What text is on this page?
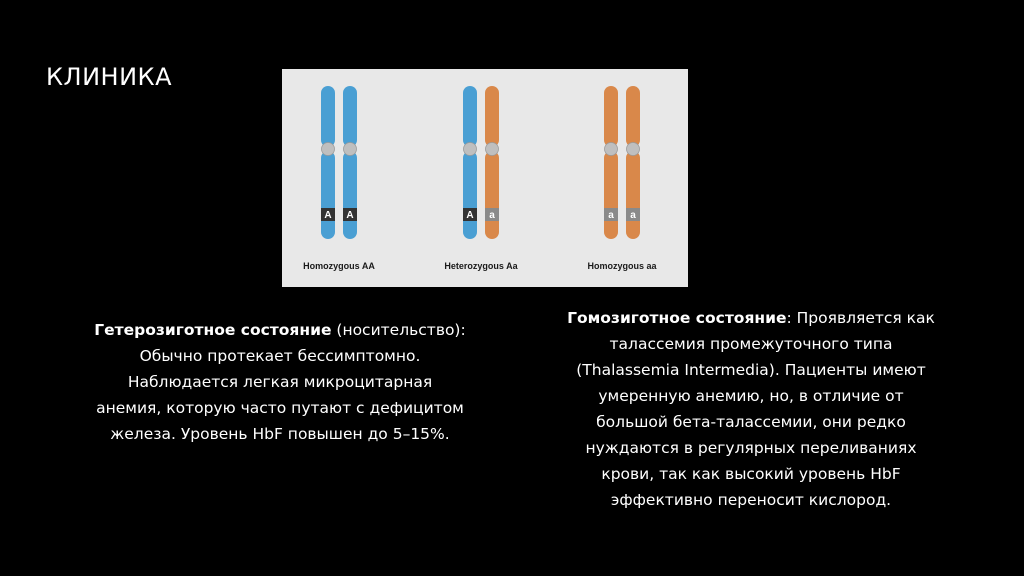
КЛИНИКА
A A
Homozygous AA
A a
Heterozygous Aa
a a
Homozygous aa
Гетерозиготное состояние (носительство):
Обычно протекает бессимптомно.
Наблюдается легкая микроцитарная
анемия, которую часто путают с дефицитом
железа. Уровень HbF повышен до 5–15%.
Гомозиготное состояние: Проявляется как
талассемия промежуточного типа
(Thalassemia Intermedia). Пациенты имеют
умеренную анемию, но, в отличие от
большой бета-талассемии, они редко
нуждаются в регулярных переливаниях
крови, так как высокий уровень HbF
эффективно переносит кислород.
